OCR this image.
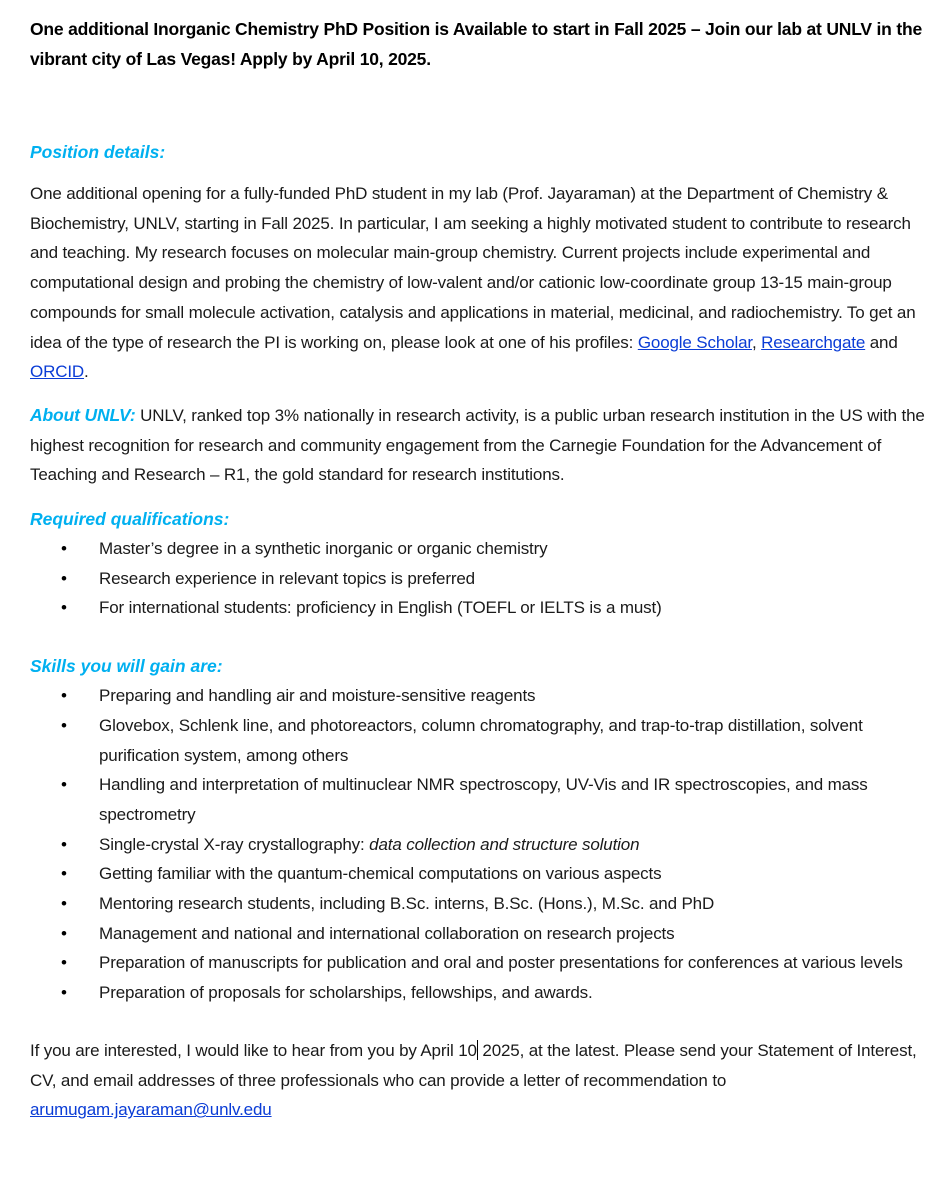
One additional Inorganic Chemistry PhD Position is Available to start in Fall 2025 – Join our lab at UNLV in the vibrant city of Las Vegas! Apply by April 10, 2025.

Position details:

One additional opening for a fully-funded PhD student in my lab (Prof. Jayaraman) at the Department of Chemistry & Biochemistry, UNLV, starting in Fall 2025. In particular, I am seeking a highly motivated student to contribute to research and teaching. My research focuses on molecular main-group chemistry. Current projects include experimental and computational design and probing the chemistry of low-valent and/or cationic low-coordinate group 13-15 main-group compounds for small molecule activation, catalysis and applications in material, medicinal, and radiochemistry. To get an idea of the type of research the PI is working on, please look at one of his profiles: Google Scholar, Researchgate and ORCID.

About UNLV: UNLV, ranked top 3% nationally in research activity, is a public urban research institution in the US with the highest recognition for research and community engagement from the Carnegie Foundation for the Advancement of Teaching and Research – R1, the gold standard for research institutions.

Required qualifications:
• Master’s degree in a synthetic inorganic or organic chemistry
• Research experience in relevant topics is preferred
• For international students: proficiency in English (TOEFL or IELTS is a must)
Skills you will gain are:
• Preparing and handling air and moisture-sensitive reagents
• Glovebox, Schlenk line, and photoreactors, column chromatography, and trap-to-trap distillation, solvent purification system, among others
• Handling and interpretation of multinuclear NMR spectroscopy, UV-Vis and IR spectroscopies, and mass spectrometry
• Single-crystal X-ray crystallography: data collection and structure solution
• Getting familiar with the quantum-chemical computations on various aspects
• Mentoring research students, including B.Sc. interns, B.Sc. (Hons.), M.Sc. and PhD
• Management and national and international collaboration on research projects
• Preparation of manuscripts for publication and oral and poster presentations for conferences at various levels
• Preparation of proposals for scholarships, fellowships, and awards.

If you are interested, I would like to hear from you by April 10 2025, at the latest. Please send your Statement of Interest, CV, and email addresses of three professionals who can provide a letter of recommendation to arumugam.jayaraman@unlv.edu
